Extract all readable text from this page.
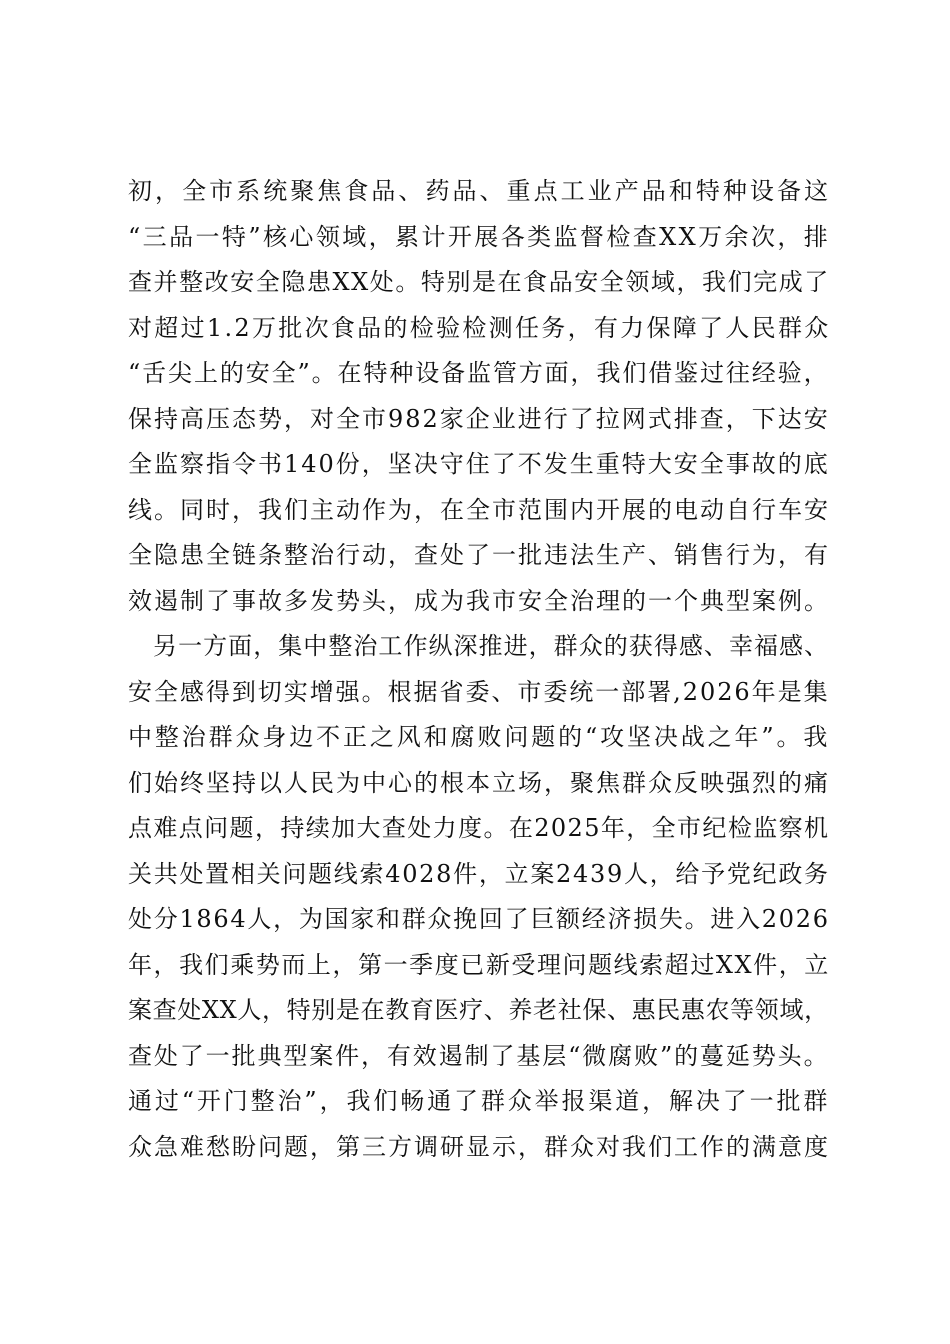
初，全市系统聚焦食品、药品、重点工业产品和特种设备这
“三品一特”核心领域，累计开展各类监督检查XX万余次，排
查并整改安全隐患XX处。特别是在食品安全领域，我们完成了
对超过1.2万批次食品的检验检测任务，有力保障了人民群众
“舌尖上的安全”。在特种设备监管方面，我们借鉴过往经验，
保持高压态势，对全市982家企业进行了拉网式排查，下达安
全监察指令书140份，坚决守住了不发生重特大安全事故的底
线。同时，我们主动作为，在全市范围内开展的电动自行车安
全隐患全链条整治行动，查处了一批违法生产、销售行为，有
效遏制了事故多发势头，成为我市安全治理的一个典型案例。
　另一方面，集中整治工作纵深推进，群众的获得感、幸福感、
安全感得到切实增强。根据省委、市委统一部署,2026年是集
中整治群众身边不正之风和腐败问题的“攻坚决战之年”。我
们始终坚持以人民为中心的根本立场，聚焦群众反映强烈的痛
点难点问题，持续加大查处力度。在2025年，全市纪检监察机
关共处置相关问题线索4028件，立案2439人，给予党纪政务
处分1864人，为国家和群众挽回了巨额经济损失。进入2026
年，我们乘势而上，第一季度已新受理问题线索超过XX件，立
案查处XX人，特别是在教育医疗、养老社保、惠民惠农等领域，
查处了一批典型案件，有效遏制了基层“微腐败”的蔓延势头。
通过“开门整治”，我们畅通了群众举报渠道，解决了一批群
众急难愁盼问题，第三方调研显示，群众对我们工作的满意度
